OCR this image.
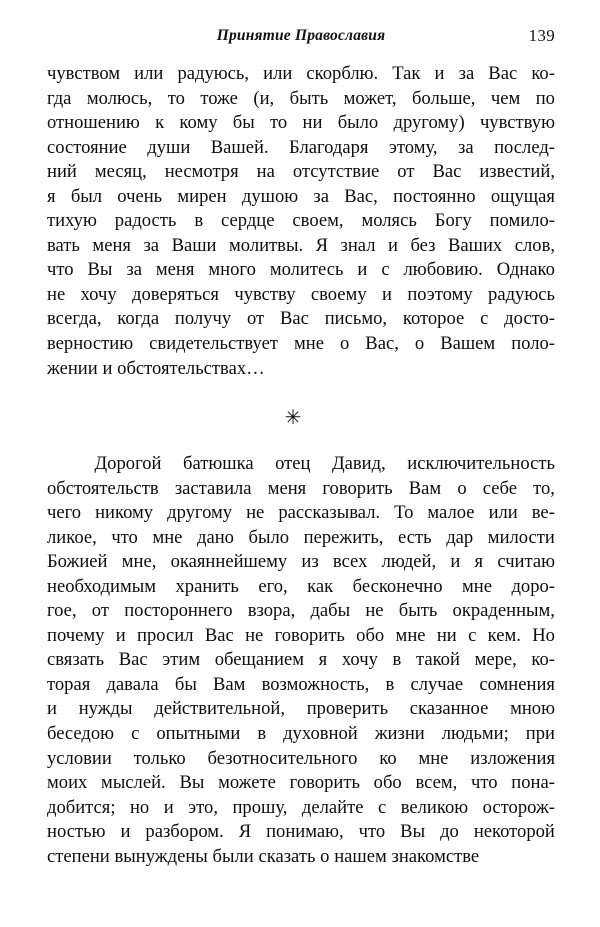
Принятие Православия	139

чувством или радуюсь, или скорблю. Так и за Вас ко-
гда молюсь, то тоже (и, быть может, больше, чем по
отношению к кому бы то ни было другому) чувствую
состояние души Вашей. Благодаря этому, за послед-
ний месяц, несмотря на отсутствие от Вас известий,
я был очень мирен душою за Вас, постоянно ощущая
тихую радость в сердце своем, молясь Богу помило-
вать меня за Ваши молитвы. Я знал и без Ваших слов,
что Вы за меня много молитесь и с любовию. Однако
не хочу доверяться чувству своему и поэтому радуюсь
всегда, когда получу от Вас письмо, которое с досто-
верностию свидетельствует мне о Вас, о Вашем поло-
жении и обстоятельствах…

✳

Дорогой батюшка отец Давид, исключительность
обстоятельств заставила меня говорить Вам о себе то,
чего никому другому не рассказывал. То малое или ве-
ликое, что мне дано было пережить, есть дар милости
Божией мне, окаяннейшему из всех людей, и я считаю
необходимым хранить его, как бесконечно мне доро-
гое, от постороннего взора, дабы не быть окраденным,
почему и просил Вас не говорить обо мне ни с кем. Но
связать Вас этим обещанием я хочу в такой мере, ко-
торая давала бы Вам возможность, в случае сомнения
и нужды действительной, проверить сказанное мною
беседою с опытными в духовной жизни людьми; при
условии только безотносительного ко мне изложения
моих мыслей. Вы можете говорить обо всем, что пона-
добится; но и это, прошу, делайте с великою осторож-
ностью и разбором. Я понимаю, что Вы до некоторой
степени вынуждены были сказать о нашем знакомстве
